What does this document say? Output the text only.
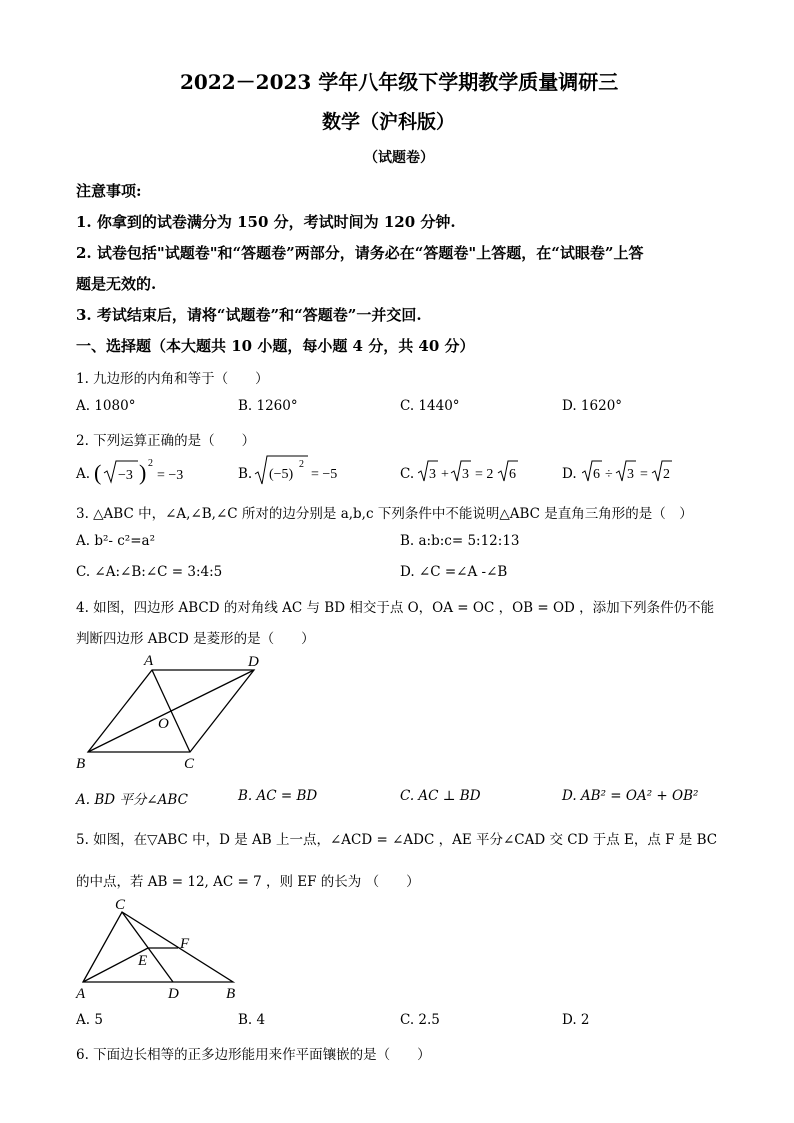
2022－2023 学年八年级下学期教学质量调研三
数学（沪科版）
（试题卷）
注意事项:
1. 你拿到的试卷满分为 150 分，考试时间为 120 分钟.
2. 试卷包括"试题卷"和“答题卷”两部分，请务必在“答题卷"上答题，在“试眼卷”上答
题是无效的.
3. 考试结束后，请将“试题卷”和“答题卷”一并交回.
一、选择题（本大题共 10 小题，每小题 4 分，共 40 分）
1. 九边形的内角和等于（　　）
A. 1080°	B. 1260°	C. 1440°	D. 1620°
2. 下列运算正确的是（　　）
A. ( −3 ) 2
= −3	B. (−5)
2
= −5	C. 3 + 3 = 2 6	D. 6 ÷ 3 = 2
3. △ABC 中，∠A,∠B,∠C 所对的边分别是 a,b,c 下列条件中不能说明△ABC 是直角三角形的是（　）
A. b²- c²=a²	B. a:b:c= 5:12:13
C. ∠A:∠B:∠C = 3:4:5	D. ∠C =∠A -∠B
4. 如图，四边形 ABCD 的对角线 AC 与 BD 相交于点 O，OA = OC ，OB = OD ，添加下列条件仍不能
判断四边形 ABCD 是菱形的是（　　）
A	D
O
B	C
A. BD 平分∠ABC	B. AC = BD	C. AC ⊥ BD	D. AB² = OA² + OB²
5. 如图，在▽ABC 中，D 是 AB 上一点，∠ACD = ∠ADC ，AE 平分∠CAD 交 CD 于点 E，点 F 是 BC
的中点，若 AB = 12, AC = 7 ，则 EF 的长为 （　　）
C
F
E
A	D	B
A. 5	B. 4	C. 2.5	D. 2
6. 下面边长相等的正多边形能用来作平面镶嵌的是（　　）
